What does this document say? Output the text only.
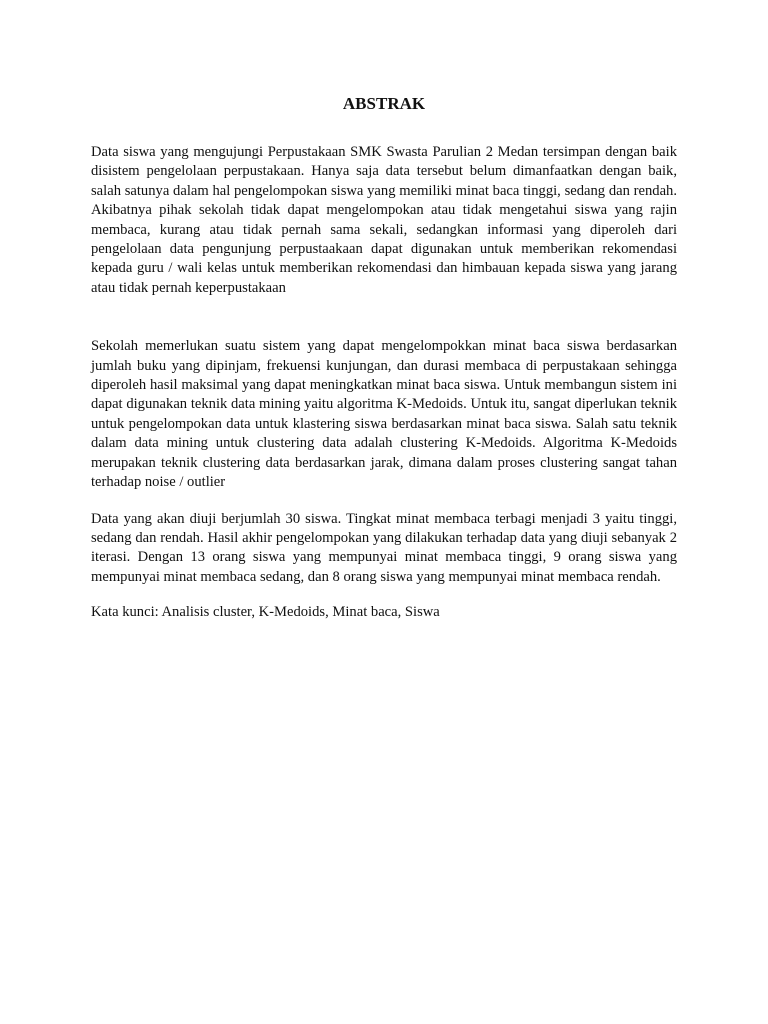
ABSTRAK

Data siswa yang mengujungi Perpustakaan SMK Swasta Parulian 2 Medan tersimpan dengan baik disistem pengelolaan perpustakaan. Hanya saja data tersebut belum dimanfaatkan dengan baik, salah satunya dalam hal pengelompokan siswa yang memiliki minat baca tinggi, sedang dan rendah. Akibatnya pihak sekolah tidak dapat mengelompokan atau tidak mengetahui siswa yang rajin membaca, kurang atau tidak pernah sama sekali, sedangkan informasi yang diperoleh dari pengelolaan data pengunjung perpustaakaan dapat digunakan untuk memberikan rekomendasi kepada guru / wali kelas untuk memberikan rekomendasi dan himbauan kepada siswa yang jarang atau tidak pernah keperpustakaan

Sekolah memerlukan suatu sistem yang dapat mengelompokkan minat baca siswa berdasarkan jumlah buku yang dipinjam, frekuensi kunjungan, dan durasi membaca di perpustakaan sehingga diperoleh hasil maksimal yang dapat meningkatkan minat baca siswa. Untuk membangun sistem ini dapat digunakan teknik data mining yaitu algoritma K-Medoids. Untuk itu, sangat diperlukan teknik untuk pengelompokan data untuk klastering siswa berdasarkan minat baca siswa. Salah satu teknik dalam data mining untuk clustering data adalah clustering K-Medoids. Algoritma K-Medoids merupakan teknik clustering data berdasarkan jarak, dimana dalam proses clustering sangat tahan terhadap noise / outlier

Data yang akan diuji berjumlah 30 siswa. Tingkat minat membaca terbagi menjadi 3 yaitu tinggi, sedang dan rendah. Hasil akhir pengelompokan yang dilakukan terhadap data yang diuji sebanyak 2 iterasi. Dengan 13 orang siswa yang mempunyai minat membaca tinggi, 9 orang siswa yang mempunyai minat membaca sedang, dan 8 orang siswa yang mempunyai minat membaca rendah.

Kata kunci: Analisis cluster, K-Medoids, Minat baca, Siswa
